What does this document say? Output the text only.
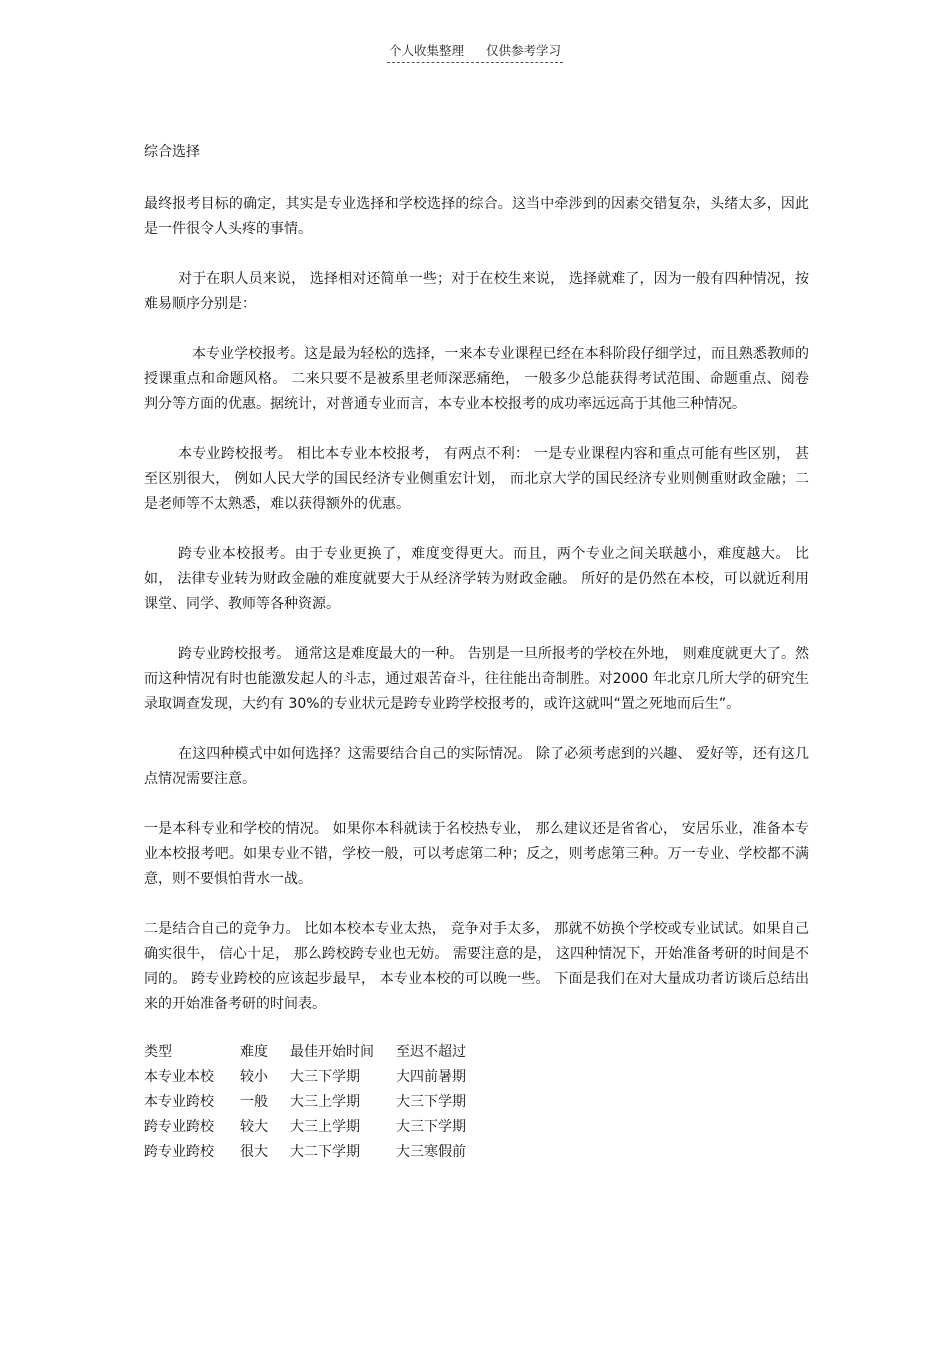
个人收集整理 仅供参考学习

综合选择

最终报考目标的确定，其实是专业选择和学校选择的综合。这当中牵涉到的因素交错复杂，头绪太多，因此是一件很令人头疼的事情。

对于在职人员来说， 选择相对还简单一些；对于在校生来说， 选择就难了，因为一般有四种情况，按难易顺序分别是：

本专业学校报考。这是最为轻松的选择，一来本专业课程已经在本科阶段仔细学过，而且熟悉教师的授课重点和命题风格。 二来只要不是被系里老师深恶痛绝， 一般多少总能获得考试范围、命题重点、阅卷判分等方面的优惠。据统计，对普通专业而言，本专业本校报考的成功率远远高于其他三种情况。

本专业跨校报考。 相比本专业本校报考， 有两点不利： 一是专业课程内容和重点可能有些区别， 甚至区别很大， 例如人民大学的国民经济专业侧重宏计划， 而北京大学的国民经济专业则侧重财政金融；二是老师等不太熟悉，难以获得额外的优惠。

跨专业本校报考。由于专业更换了，难度变得更大。而且，两个专业之间关联越小，难度越大。 比如， 法律专业转为财政金融的难度就要大于从经济学转为财政金融。 所好的是仍然在本校，可以就近利用课堂、同学、教师等各种资源。

跨专业跨校报考。 通常这是难度最大的一种。 告别是一旦所报考的学校在外地， 则难度就更大了。然而这种情况有时也能激发起人的斗志，通过艰苦奋斗，往往能出奇制胜。对2000 年北京几所大学的研究生录取调查发现，大约有 30%的专业状元是跨专业跨学校报考的，或许这就叫“置之死地而后生”。

在这四种模式中如何选择？这需要结合自己的实际情况。 除了必须考虑到的兴趣、 爱好等，还有这几点情况需要注意。

一是本科专业和学校的情况。 如果你本科就读于名校热专业， 那么建议还是省省心， 安居乐业，准备本专业本校报考吧。如果专业不错，学校一般，可以考虑第二种；反之，则考虑第三种。万一专业、学校都不满意，则不要惧怕背水一战。

二是结合自己的竞争力。 比如本校本专业太热， 竞争对手太多， 那就不妨换个学校或专业试试。如果自己确实很牛， 信心十足， 那么跨校跨专业也无妨。 需要注意的是， 这四种情况下，开始准备考研的时间是不同的。 跨专业跨校的应该起步最早， 本专业本校的可以晚一些。 下面是我们在对大量成功者访谈后总结出来的开始准备考研的时间表。

类型	难度	最佳开始时间	至迟不超过
本专业本校	较小	大三下学期	大四前暑期
本专业跨校	一般	大三上学期	大三下学期
跨专业跨校	较大	大三上学期	大三下学期
跨专业跨校	很大	大二下学期	大三寒假前
